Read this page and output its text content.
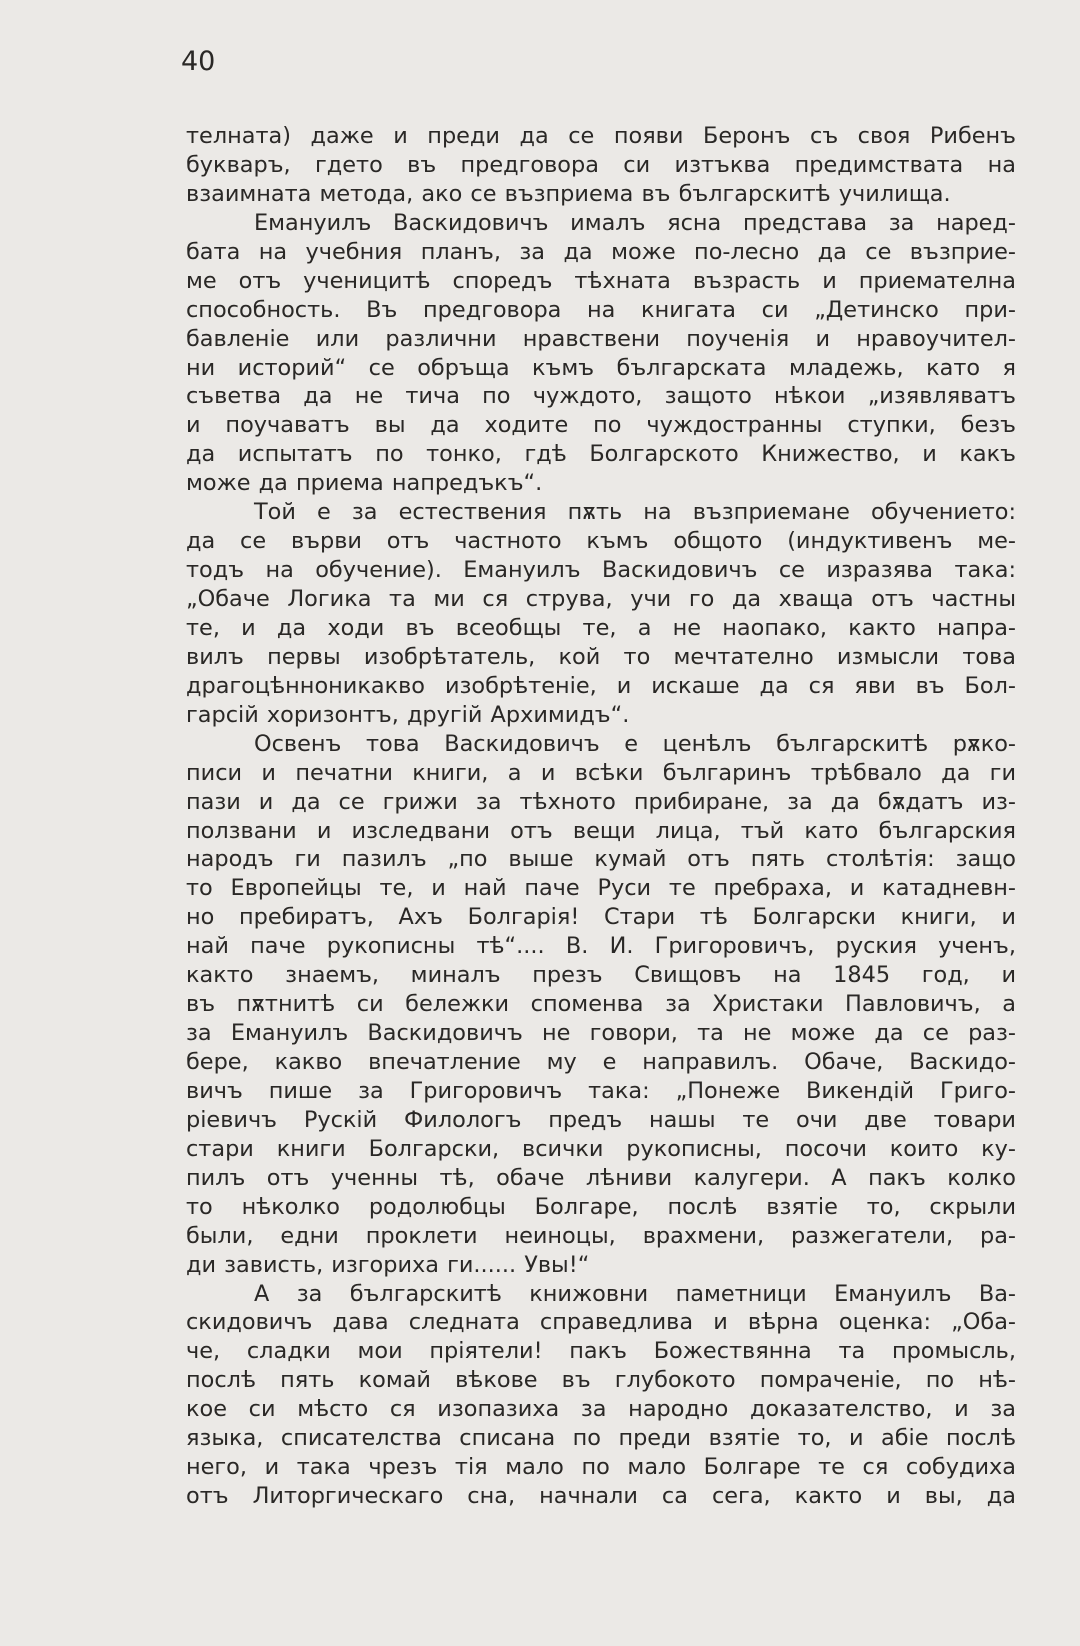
40
телната) даже и преди да се появи Беронъ съ своя Рибенъ
букваръ, гдето въ предговора си изтъква предимствата на
взаимната метода, ако се възприема въ българскитѣ училища.
Емануилъ Васкидовичъ ималъ ясна представа за наред-
бата на учебния планъ, за да може по-лесно да се възприе-
ме отъ ученицитѣ споредъ тѣхната възрасть и приемателна
способность. Въ предговора на книгата си „Детинско при-
бавленіе или различни нравствени поученія и нравоучител-
ни историй“ се обръща къмъ българската младежь, като я
съветва да не тича по чуждото, защото нѣкои „изявляватъ
и поучаватъ вы да ходите по чуждостранны ступки, безъ
да испытатъ по тонко, гдѣ Болгарското Книжество, и какъ
може да приема напредъкъ“.
Той е за естествения пѫть на възприемане обучението:
да се върви отъ частното къмъ общото (индуктивенъ ме-
тодъ на обучение). Емануилъ Васкидовичъ се изразява така:
„Обаче Логика та ми ся струва, учи го да хваща отъ частны
те, и да ходи въ всеобщы те, а не наопако, както напра-
вилъ первы изобрѣтатель, кой то мечтателно измысли това
драгоцѣнноникакво изобрѣтеніе, и искаше да ся яви въ Бол-
гарсій хоризонтъ, другій Архимидъ“.
Освенъ това Васкидовичъ е ценѣлъ българскитѣ рѫко-
писи и печатни книги, а и всѣки българинъ трѣбвало да ги
пази и да се грижи за тѣхното прибиране, за да бѫдатъ из-
ползвани и изследвани отъ вещи лица, тъй като българския
народъ ги пазилъ „по выше кумай отъ пять столѣтія: защо
то Европейцы те, и най паче Руси те пребраха, и катадневн-
но пребиратъ, Ахъ Болгарія! Стари тѣ Болгарски книги, и
най паче рукописны тѣ“.... В. И. Григоровичъ, руския ученъ,
както знаемъ, миналъ презъ Свищовъ на 1845 год, и
въ пѫтнитѣ си бележки споменва за Христаки Павловичъ, а
за Емануилъ Васкидовичъ не говори, та не може да се раз-
бере, какво впечатление му е направилъ. Обаче, Васкидо-
вичъ пише за Григоровичъ така: „Понеже Викендій Григо-
ріевичъ Рускій Филологъ предъ нашы те очи две товари
стари книги Болгарски, всички рукописны, посочи които ку-
пилъ отъ ученны тѣ, обаче лѣниви калугери. А пакъ колко
то нѣколко родолюбцы Болгаре, послѣ взятіе то, скрыли
были, едни проклети неиноцы, врахмени, разжегатели, ра-
ди зависть, изгориха ги...... Увы!“
А за българскитѣ книжовни паметници Емануилъ Ва-
скидовичъ дава следната справедлива и вѣрна оценка: „Оба-
че, сладки мои пріятели! пакъ Божествянна та промысль,
послѣ пять комай вѣкове въ глубокото помраченіе, по нѣ-
кое си мѣсто ся изопазиха за народно доказателство, и за
языка, списателства списана по преди взятіе то, и абіе послѣ
него, и така чрезъ тія мало по мало Болгаре те ся собудиха
отъ Литоргическаго сна, начнали са сега, както и вы, да
